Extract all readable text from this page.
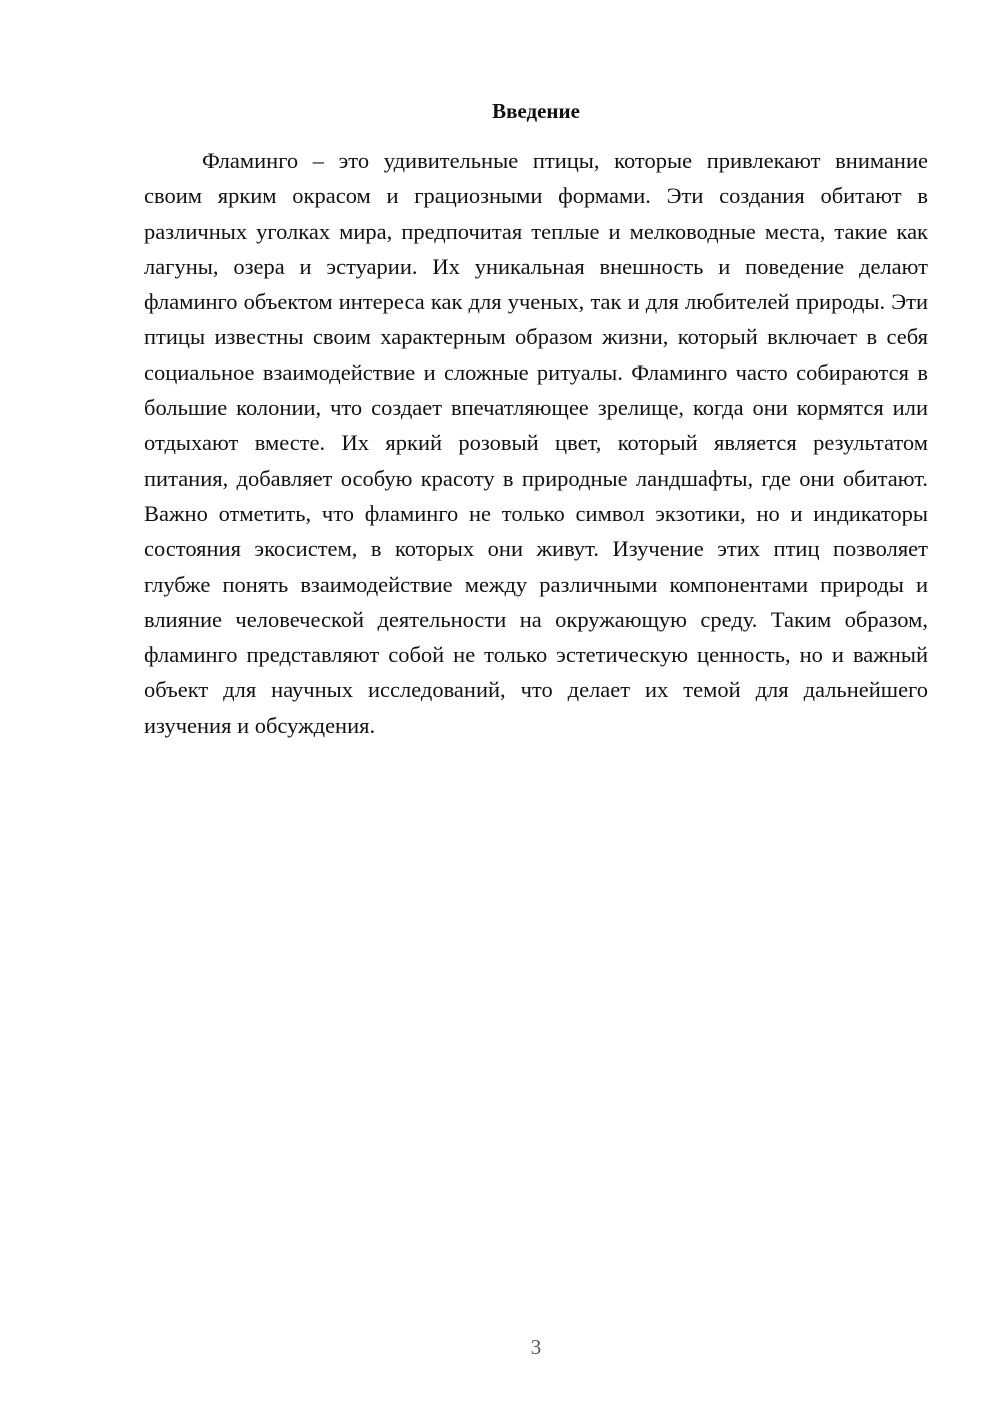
Введение

Фламинго – это удивительные птицы, которые привлекают внимание своим ярким окрасом и грациозными формами. Эти создания обитают в различных уголках мира, предпочитая теплые и мелководные места, такие как лагуны, озера и эстуарии. Их уникальная внешность и поведение делают фламинго объектом интереса как для ученых, так и для любителей природы. Эти птицы известны своим характерным образом жизни, который включает в себя социальное взаимодействие и сложные ритуалы. Фламинго часто собираются в большие колонии, что создает впечатляющее зрелище, когда они кормятся или отдыхают вместе. Их яркий розовый цвет, который является результатом питания, добавляет особую красоту в природные ландшафты, где они обитают. Важно отметить, что фламинго не только символ экзотики, но и индикаторы состояния экосистем, в которых они живут. Изучение этих птиц позволяет глубже понять взаимодействие между различными компонентами природы и влияние человеческой деятельности на окружающую среду. Таким образом, фламинго представляют собой не только эстетическую ценность, но и важный объект для научных исследований, что делает их темой для дальнейшего изучения и обсуждения.

3
